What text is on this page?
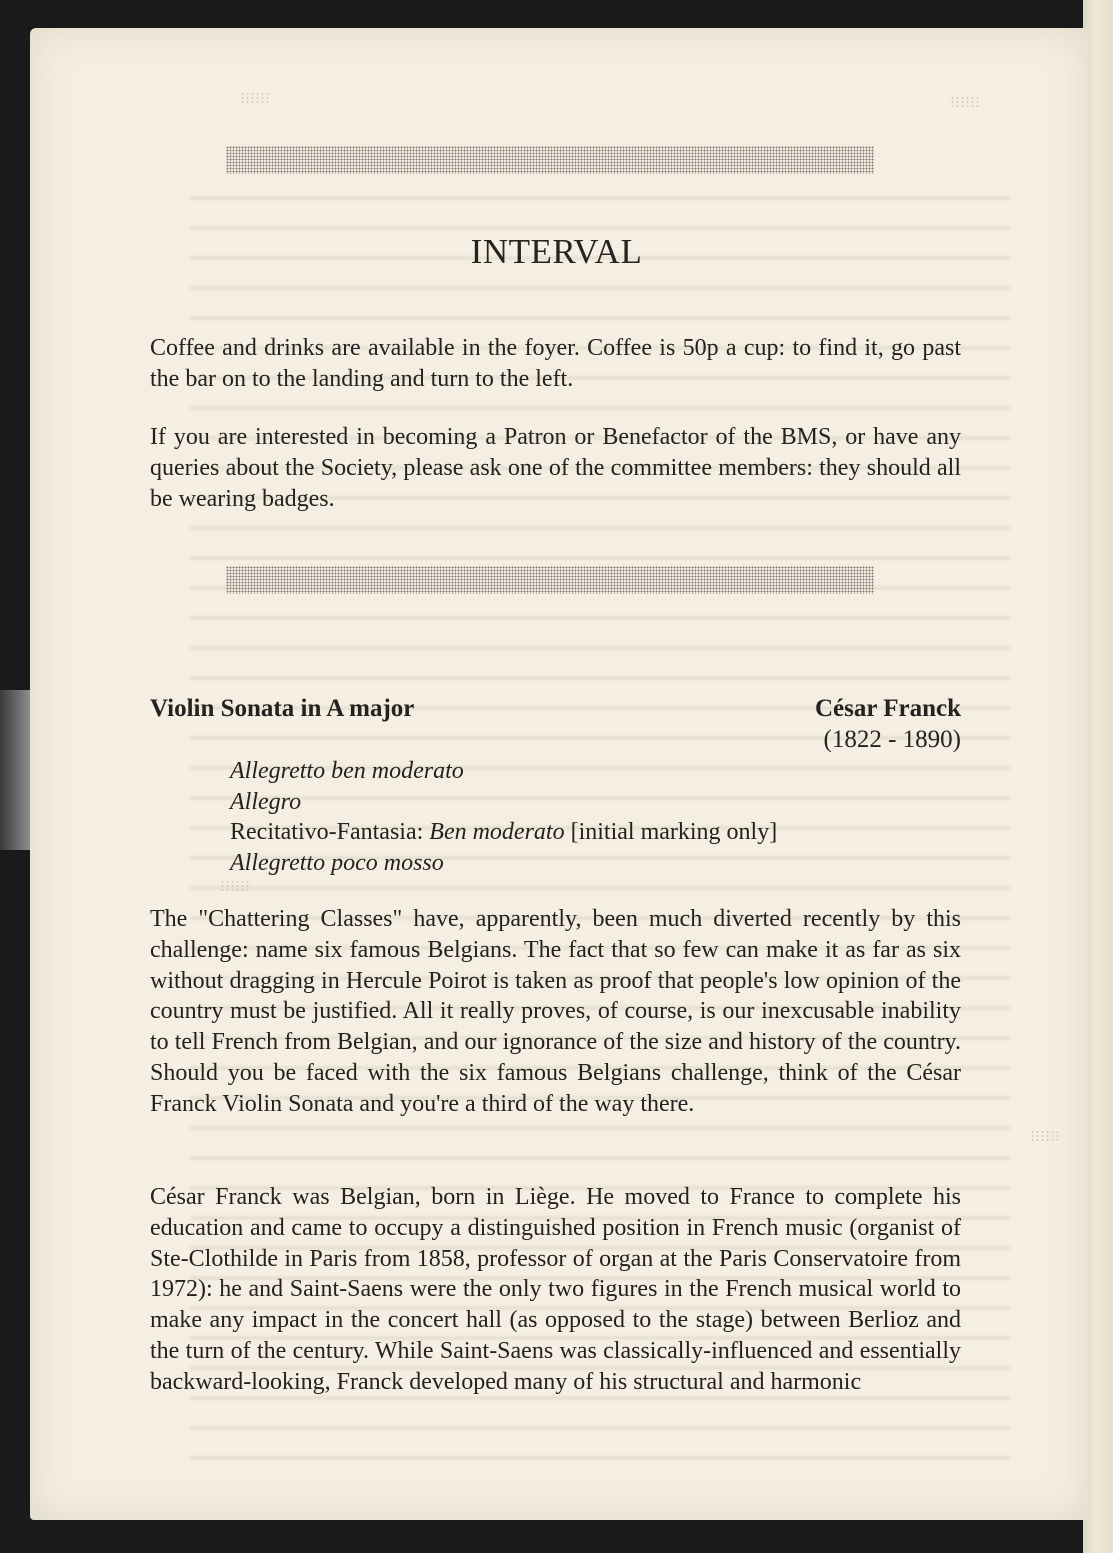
INTERVAL

Coffee and drinks are available in the foyer. Coffee is 50p a cup: to find it, go past the bar on to the landing and turn to the left.

If you are interested in becoming a Patron or Benefactor of the BMS, or have any queries about the Society, please ask one of the committee members: they should all be wearing badges.

Violin Sonata in A major	César Franck
(1822 - 1890)
Allegretto ben moderato
Allegro
Recitativo-Fantasia: Ben moderato [initial marking only]
Allegretto poco mosso

The "Chattering Classes" have, apparently, been much diverted recently by this challenge: name six famous Belgians. The fact that so few can make it as far as six without dragging in Hercule Poirot is taken as proof that people's low opinion of the country must be justified. All it really proves, of course, is our inexcusable inability to tell French from Belgian, and our ignorance of the size and history of the country. Should you be faced with the six famous Belgians challenge, think of the César Franck Violin Sonata and you're a third of the way there.

César Franck was Belgian, born in Liège. He moved to France to complete his education and came to occupy a distinguished position in French music (organist of Ste-Clothilde in Paris from 1858, professor of organ at the Paris Conservatoire from 1972): he and Saint-Saens were the only two figures in the French musical world to make any impact in the concert hall (as opposed to the stage) between Berlioz and the turn of the century. While Saint-Saens was classically-influenced and essentially backward-looking, Franck developed many of his structural and harmonic
